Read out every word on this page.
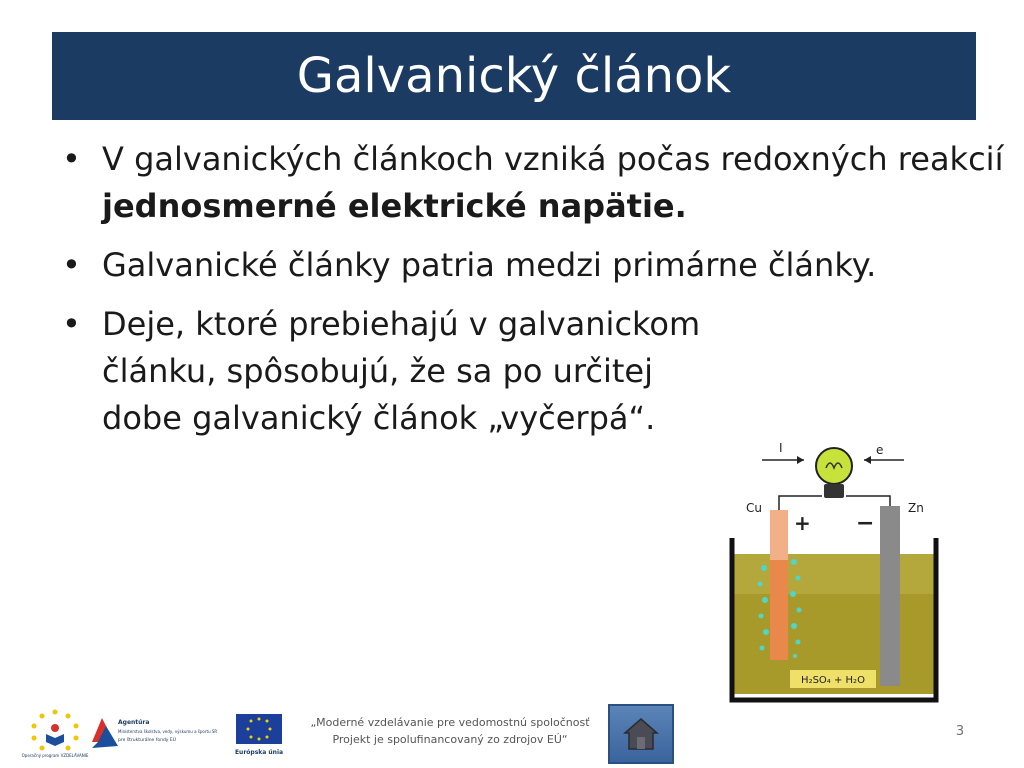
Galvanický článok
• V galvanických článkoch vzniká počas redoxných reakcií jednosmerné elektrické napätie.
• Galvanické články patria medzi primárne články.
• Deje, ktoré prebiehajú v galvanickom článku, spôsobujú, že sa po určitej dobe galvanický článok „vyčerpá“.
I	e
Cu	Zn
+ −
H₂SO₄ + H₂O
Operačný program VZDELÁVANIE
Agentúra
Ministerstva školstva, vedy, výskumu a športu SR
pre štrukturálne fondy EÚ
Európska únia
„Moderné vzdelávanie pre vedomostnú spoločnosť
Projekt je spolufinancovaný zo zdrojov EÚ“
3
